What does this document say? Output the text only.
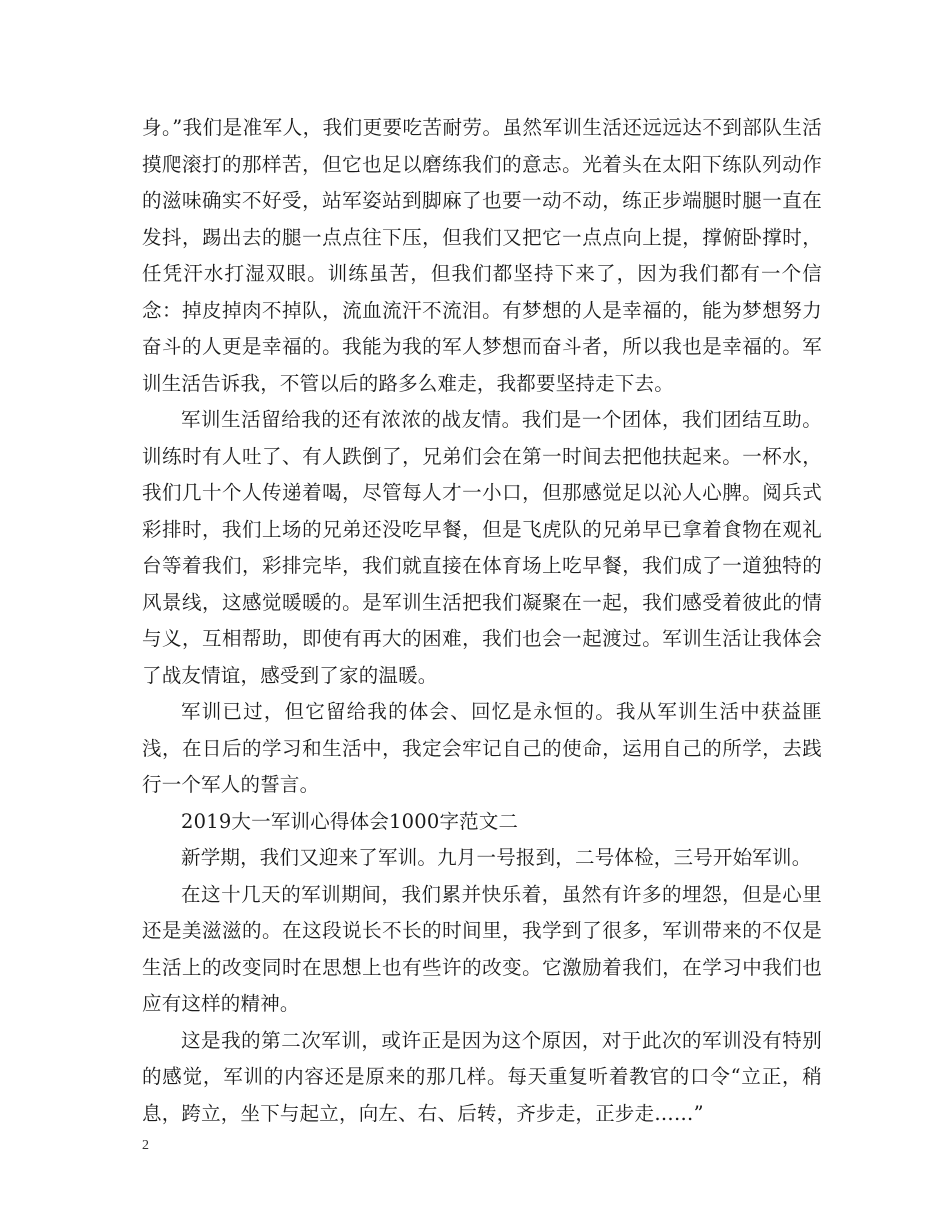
身。”我们是准军人，我们更要吃苦耐劳。虽然军训生活还远远达不到部队生活摸爬滚打的那样苦，但它也足以磨练我们的意志。光着头在太阳下练队列动作的滋味确实不好受，站军姿站到脚麻了也要一动不动，练正步端腿时腿一直在发抖，踢出去的腿一点点往下压，但我们又把它一点点向上提，撑俯卧撑时，任凭汗水打湿双眼。训练虽苦，但我们都坚持下来了，因为我们都有一个信念：掉皮掉肉不掉队，流血流汗不流泪。有梦想的人是幸福的，能为梦想努力奋斗的人更是幸福的。我能为我的军人梦想而奋斗者，所以我也是幸福的。军训生活告诉我，不管以后的路多么难走，我都要坚持走下去。

军训生活留给我的还有浓浓的战友情。我们是一个团体，我们团结互助。训练时有人吐了、有人跌倒了，兄弟们会在第一时间去把他扶起来。一杯水，我们几十个人传递着喝，尽管每人才一小口，但那感觉足以沁人心脾。阅兵式彩排时，我们上场的兄弟还没吃早餐，但是飞虎队的兄弟早已拿着食物在观礼台等着我们，彩排完毕，我们就直接在体育场上吃早餐，我们成了一道独特的风景线，这感觉暖暖的。是军训生活把我们凝聚在一起，我们感受着彼此的情与义，互相帮助，即使有再大的困难，我们也会一起渡过。军训生活让我体会了战友情谊，感受到了家的温暖。

军训已过，但它留给我的体会、回忆是永恒的。我从军训生活中获益匪浅，在日后的学习和生活中，我定会牢记自己的使命，运用自己的所学，去践行一个军人的誓言。

2019大一军训心得体会1000字范文二

新学期，我们又迎来了军训。九月一号报到，二号体检，三号开始军训。

在这十几天的军训期间，我们累并快乐着，虽然有许多的埋怨，但是心里还是美滋滋的。在这段说长不长的时间里，我学到了很多，军训带来的不仅是生活上的改变同时在思想上也有些许的改变。它激励着我们，在学习中我们也应有这样的精神。

这是我的第二次军训，或许正是因为这个原因，对于此次的军训没有特别的感觉，军训的内容还是原来的那几样。每天重复听着教官的口令“立正，稍息，跨立，坐下与起立，向左、右、后转，齐步走，正步走……”

2
